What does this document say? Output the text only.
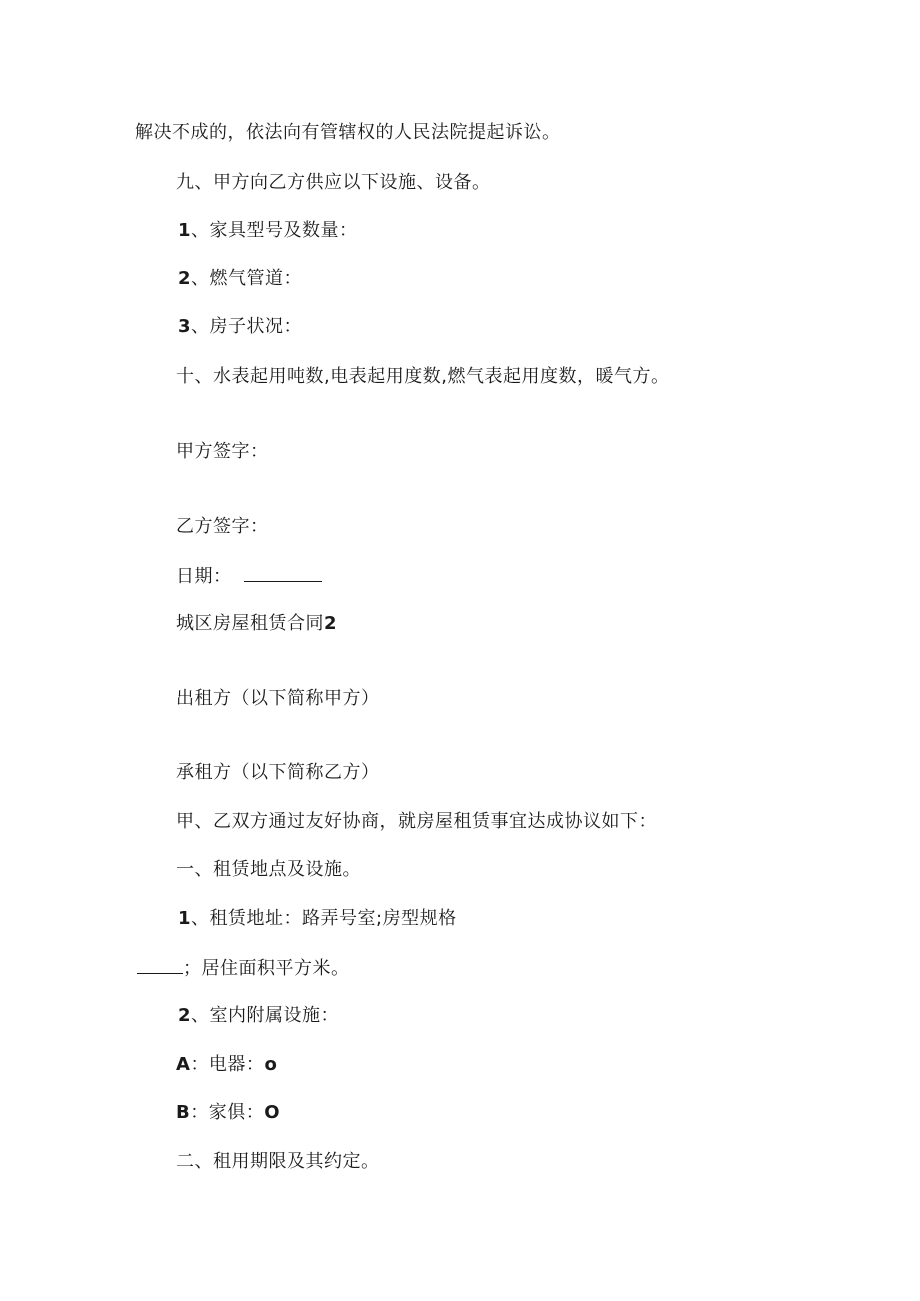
解决不成的，依法向有管辖权的人民法院提起诉讼。
九、甲方向乙方供应以下设施、设备。
1、家具型号及数量：
2、燃气管道：
3、房子状况：
十、水表起用吨数,电表起用度数,燃气表起用度数，暖气方。
甲方签字：
乙方签字：
日期：
城区房屋租赁合同2
出租方（以下简称甲方）
承租方（以下简称乙方）
甲、乙双方通过友好协商，就房屋租赁事宜达成协议如下：
一、租赁地点及设施。
1、租赁地址：路弄号室;房型规格
；居住面积平方米。
2、室内附属设施：
A：电器：o
B：家俱：O
二、租用期限及其约定。
